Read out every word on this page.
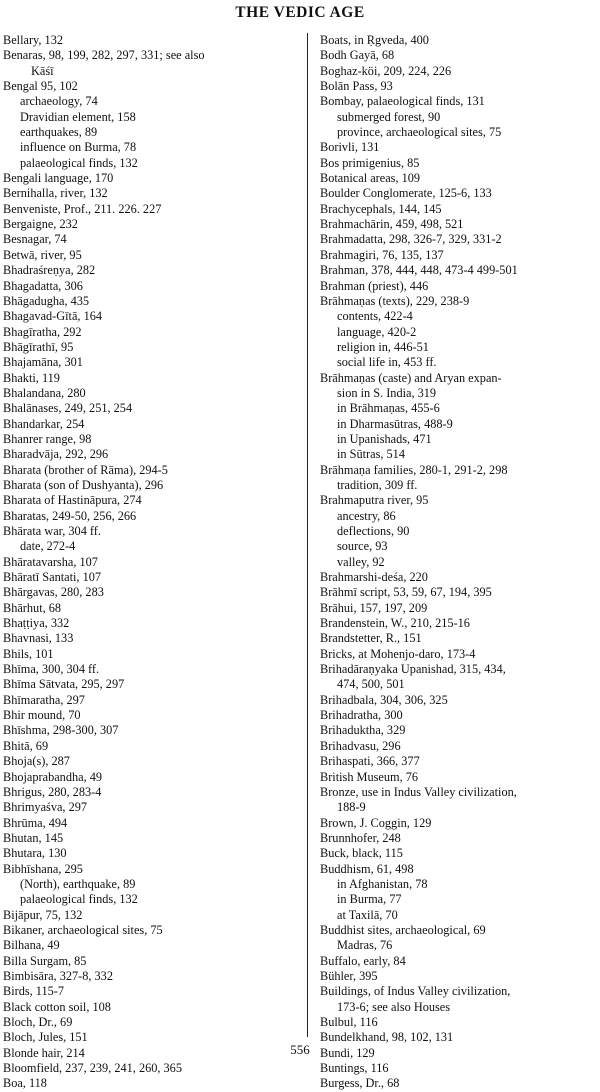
THE VEDIC AGE
Bellary, 132
Benaras, 98, 199, 282, 297, 331; see also
Kāśī
Bengal 95, 102
archaeology, 74
Dravidian element, 158
earthquakes, 89
influence on Burma, 78
palaeological finds, 132
Bengali language, 170
Bernihalla, river, 132
Benveniste, Prof., 211. 226. 227
Bergaigne, 232
Besnagar, 74
Betwā, river, 95
Bhadraśreṇya, 282
Bhagadatta, 306
Bhāgadugha, 435
Bhagavad-Gītā, 164
Bhagīratha, 292
Bhāgīrathī, 95
Bhajamāna, 301
Bhakti, 119
Bhalandana, 280
Bhalānases, 249, 251, 254
Bhandarkar, 254
Bhanrer range, 98
Bharadvāja, 292, 296
Bharata (brother of Rāma), 294-5
Bharata (son of Dushyanta), 296
Bharata of Hastināpura, 274
Bharatas, 249-50, 256, 266
Bhārata war, 304 ff.
date, 272-4
Bhāratavarsha, 107
Bhāratī Santati, 107
Bhārgavas, 280, 283
Bhārhut, 68
Bhaṭṭiya, 332
Bhavnasi, 133
Bhils, 101
Bhīma, 300, 304 ff.
Bhīma Sātvata, 295, 297
Bhīmaratha, 297
Bhir mound, 70
Bhīshma, 298-300, 307
Bhitā, 69
Bhoja(s), 287
Bhojaprabandha, 49
Bhrigus, 280, 283-4
Bhrimyaśva, 297
Bhrūma, 494
Bhutan, 145
Bhutara, 130
Bibhīshana, 295
(North), earthquake, 89
palaeological finds, 132
Bijāpur, 75, 132
Bikaner, archaeological sites, 75
Bilhana, 49
Billa Surgam, 85
Bimbisāra, 327-8, 332
Birds, 115-7
Black cotton soil, 108
Bloch, Dr., 69
Bloch, Jules, 151
Blonde hair, 214
Bloomfield, 237, 239, 241, 260, 365
Boa, 118
Boats, in Ṛgveda, 400
Bodh Gayā, 68
Boghaz-köi, 209, 224, 226
Bolān Pass, 93
Bombay, palaeological finds, 131
submerged forest, 90
province, archaeological sites, 75
Borivli, 131
Bos primigenius, 85
Botanical areas, 109
Boulder Conglomerate, 125-6, 133
Brachycephals, 144, 145
Brahmachārin, 459, 498, 521
Brahmadatta, 298, 326-7, 329, 331-2
Brahmagiri, 76, 135, 137
Brahman, 378, 444, 448, 473-4 499-501
Brahman (priest), 446
Brāhmaṇas (texts), 229, 238-9
contents, 422-4
language, 420-2
religion in, 446-51
social life in, 453 ff.
Brāhmaṇas (caste) and Aryan expan-
sion in S. India, 319
in Brāhmaṇas, 455-6
in Dharmasūtras, 488-9
in Upanishads, 471
in Sūtras, 514
Brāhmaṇa families, 280-1, 291-2, 298
tradition, 309 ff.
Brahmaputra river, 95
ancestry, 86
deflections, 90
source, 93
valley, 92
Brahmarshi-deśa, 220
Brāhmī script, 53, 59, 67, 194, 395
Brāhui, 157, 197, 209
Brandenstein, W., 210, 215-16
Brandstetter, R., 151
Bricks, at Mohenjo-daro, 173-4
Brihadāraṇyaka Upanishad, 315, 434,
474, 500, 501
Brihadbala, 304, 306, 325
Brihadratha, 300
Brihaduktha, 329
Brihadvasu, 296
Brihaspati, 366, 377
British Museum, 76
Bronze, use in Indus Valley civilization,
188-9
Brown, J. Coggin, 129
Brunnhofer, 248
Buck, black, 115
Buddhism, 61, 498
in Afghanistan, 78
in Burma, 77
at Taxilā, 70
Buddhist sites, archaeological, 69
Madras, 76
Buffalo, early, 84
Bühler, 395
Buildings, of Indus Valley civilization,
173-6; see also Houses
Bulbul, 116
Bundelkhand, 98, 102, 131
Bundi, 129
Buntings, 116
Burgess, Dr., 68
556
